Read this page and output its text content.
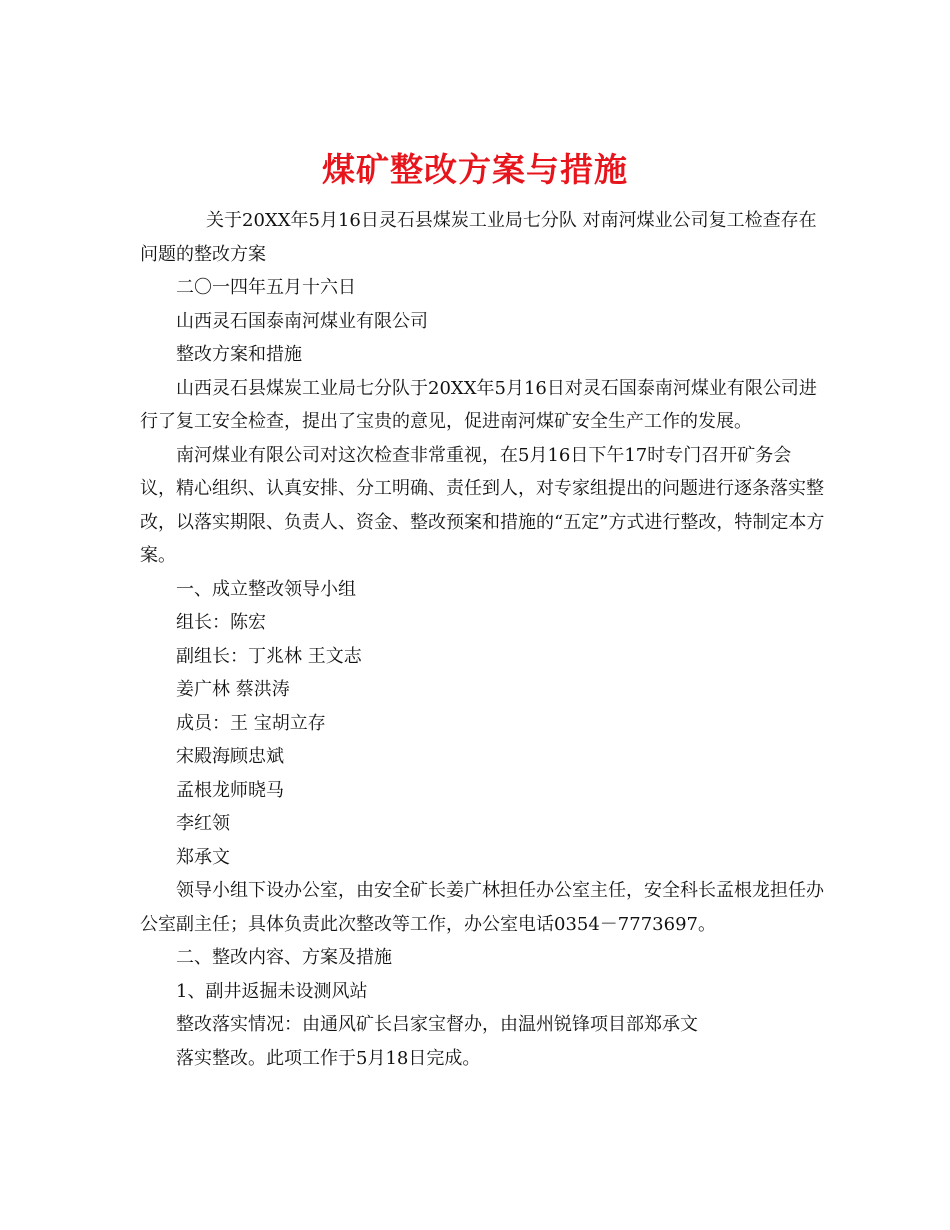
煤矿整改方案与措施

关于20XX年5月16日灵石县煤炭工业局七分队 对南河煤业公司复工检查存在问题的整改方案

二〇一四年五月十六日

山西灵石国泰南河煤业有限公司

整改方案和措施

山西灵石县煤炭工业局七分队于20XX年5月16日对灵石国泰南河煤业有限公司进行了复工安全检查，提出了宝贵的意见，促进南河煤矿安全生产工作的发展。

南河煤业有限公司对这次检查非常重视，在5月16日下午17时专门召开矿务会议，精心组织、认真安排、分工明确、责任到人，对专家组提出的问题进行逐条落实整改，以落实期限、负责人、资金、整改预案和措施的“五定”方式进行整改，特制定本方案。

一、成立整改领导小组

组长：陈宏

副组长：丁兆林 王文志

姜广林 蔡洪涛

成员：王 宝胡立存

宋殿海顾忠斌

孟根龙师晓马

李红领

郑承文

领导小组下设办公室，由安全矿长姜广林担任办公室主任，安全科长孟根龙担任办公室副主任；具体负责此次整改等工作，办公室电话0354－7773697。

二、整改内容、方案及措施

1、副井返掘未设测风站

整改落实情况：由通风矿长吕家宝督办，由温州锐锋项目部郑承文

落实整改。此项工作于5月18日完成。
